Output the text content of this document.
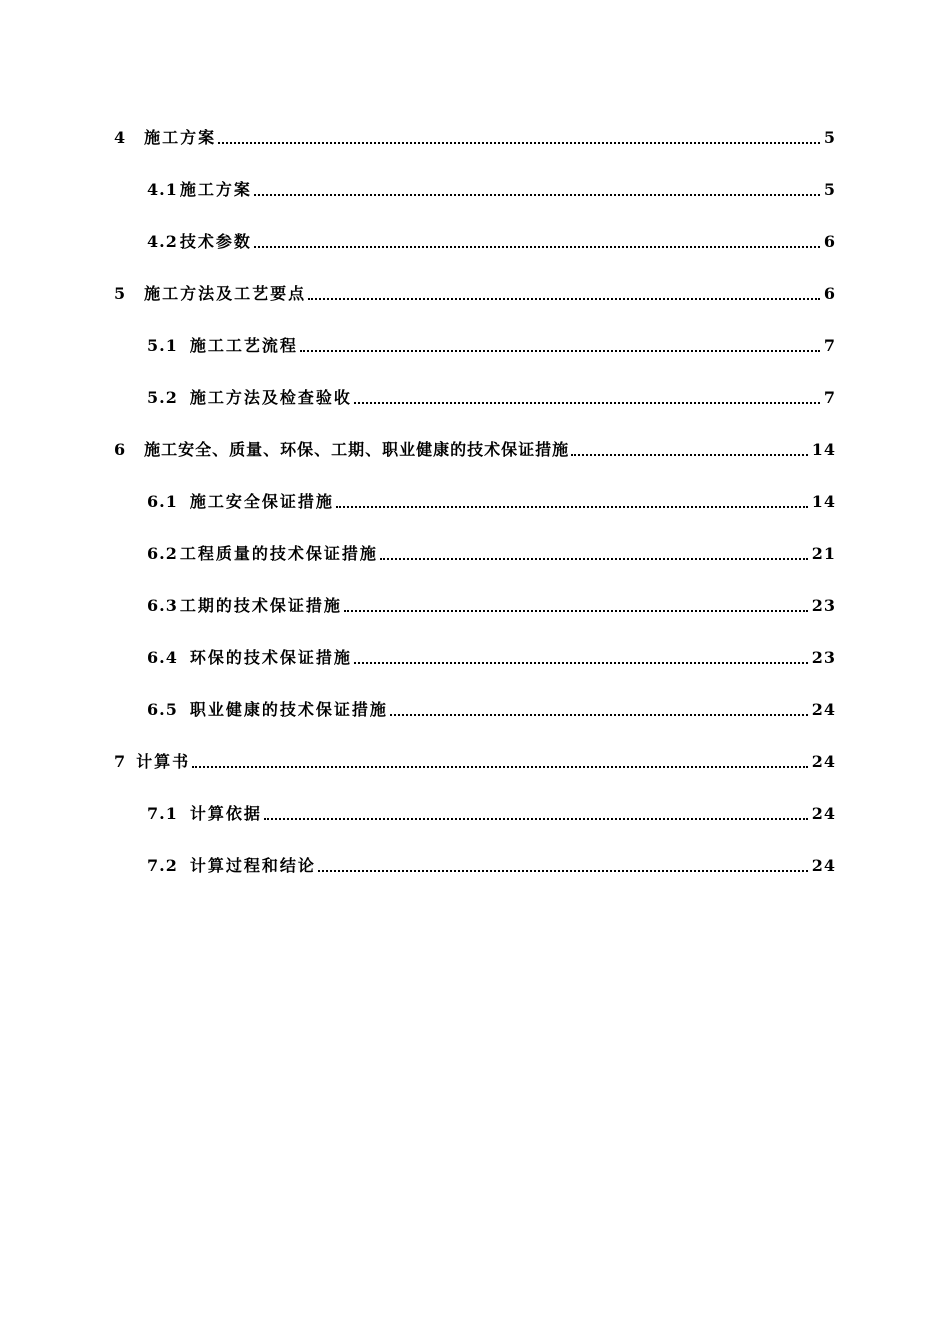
4 施工方案	5
4.1 施工方案	5
4.2 技术参数	6
5 施工方法及工艺要点	6
5.1 施工工艺流程	7
5.2 施工方法及检查验收	7
6 施工安全、质量、环保、工期、职业健康的技术保证措施	14
6.1 施工安全保证措施	14
6.2 工程质量的技术保证措施	21
6.3 工期的技术保证措施	23
6.4 环保的技术保证措施	23
6.5 职业健康的技术保证措施	24
7 计算书	24
7.1 计算依据	24
7.2 计算过程和结论	24
